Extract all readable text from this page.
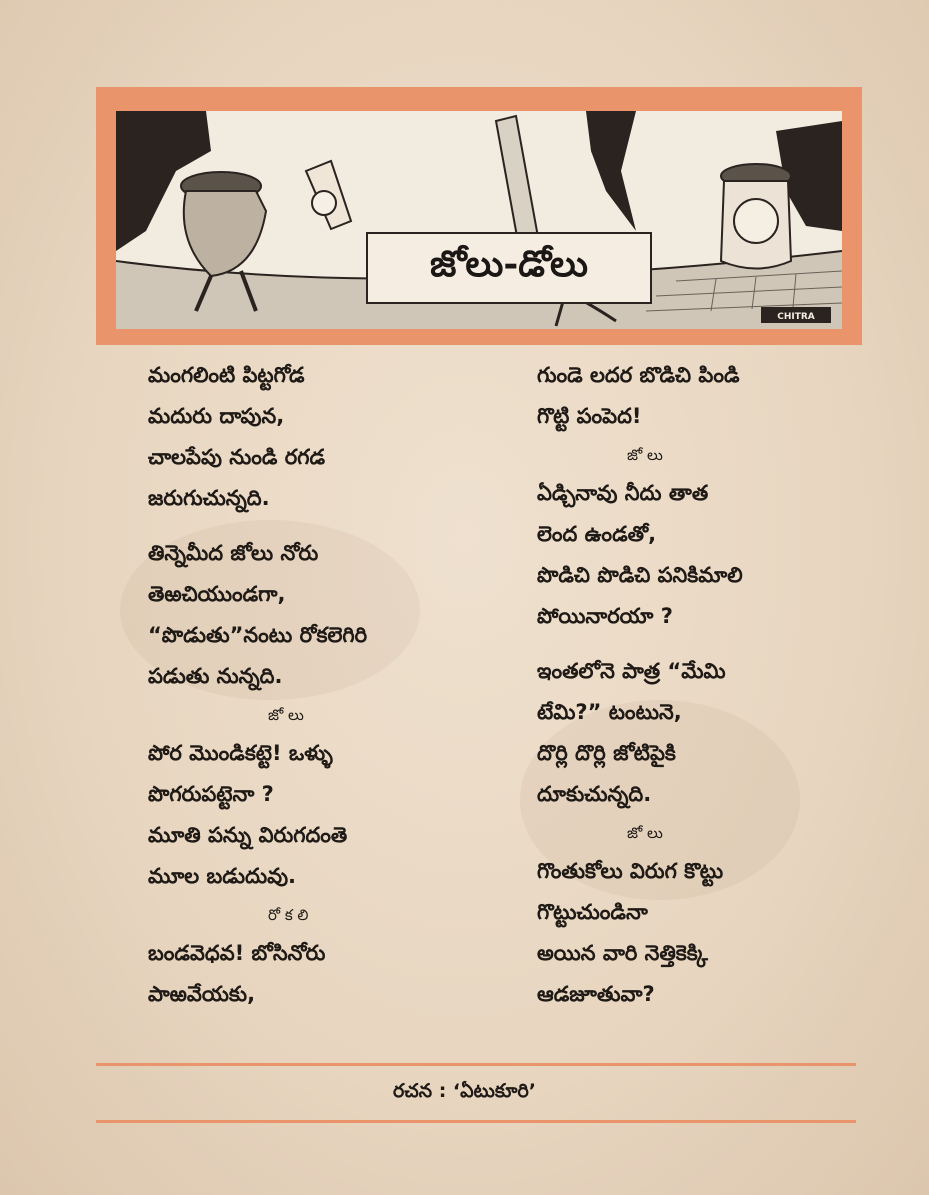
CHITRA
జోలు-డోలు
మంగలింటి పిట్టగోడ
మదురు దాపున,
చాలపేపు నుండి రగడ
జరుగుచున్నది.
తిన్నెమీద జోలు నోరు
తెఱచియుండగా,
“పొడుతు”నంటు రోకలెగిరి
పడుతు నున్నది.
జో లు
పోర మొండికట్టె! ఒళ్ళు
పొగరుపట్టెనా ?
మూతి పన్ను విరుగదంతె
మూల బడుదువు.
రో క లి
బండవెధవ! బోసినోరు
పాఱవేయకు,
గుండె లదర బొడిచి పిండి
గొట్టి పంపెద!
జో లు
ఏడ్చినావు నీదు తాత
లెంద ఉండతో,
పొడిచి పొడిచి పనికిమాలి
పోయినారయా ?
ఇంతలోనె పాత్ర “మేమి
టేమి?” టంటునె,
దొర్లి దొర్లి జోటిపైకి
దూకుచున్నది.
జో లు
గొంతుకోలు విరుగ కొట్టు
గొట్టుచుండినా
అయిన వారి నెత్తికెక్కి
ఆడజూతువా?
రచన : ‘ఏటుకూరి’
